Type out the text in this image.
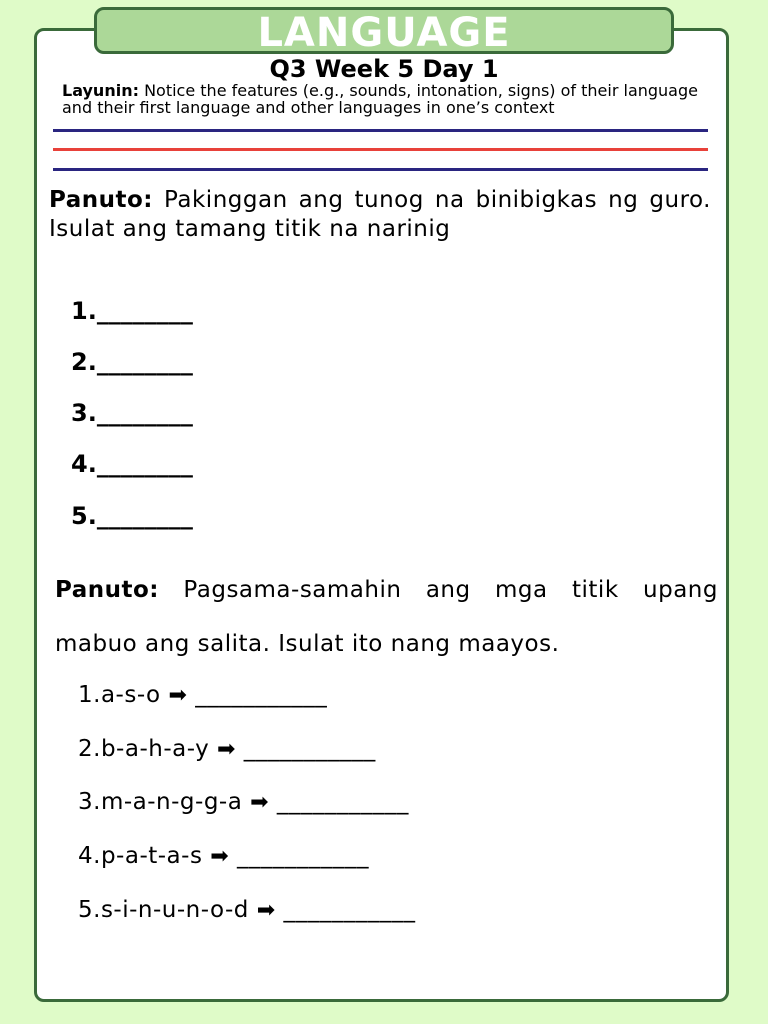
LANGUAGE
Q3 Week 5 Day 1
Layunin: Notice the features (e.g., sounds, intonation, signs) of their language and their first language and other languages in one’s context
Panuto: Pakinggan ang tunog na binibigkas ng guro. Isulat ang tamang titik na narinig
1.________
2.________
3.________
4.________
5.________
Panuto: Pagsama-samahin ang mga titik upang mabuo ang salita. Isulat ito nang maayos.
1.a-s-o ➡ ___________
2.b-a-h-a-y ➡ ___________
3.m-a-n-g-g-a ➡ ___________
4.p-a-t-a-s ➡ ___________
5.s-i-n-u-n-o-d ➡ ___________
